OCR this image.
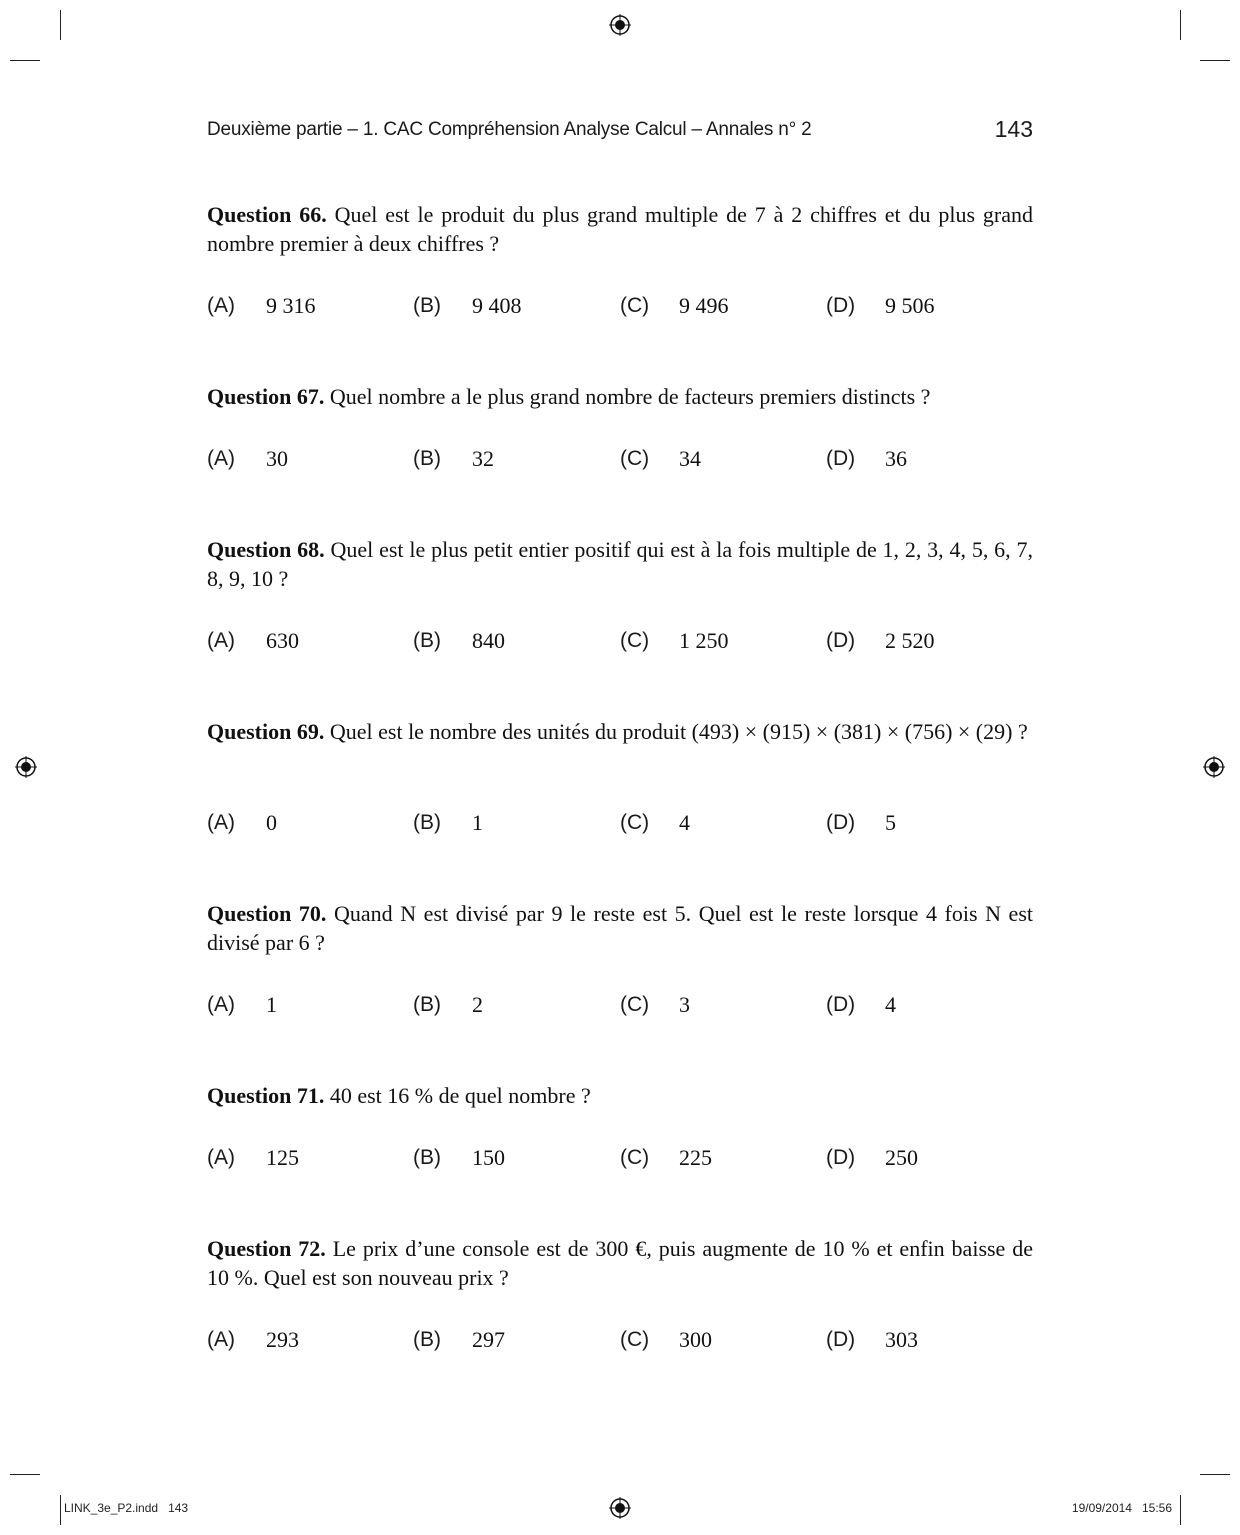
Deuxième partie – 1. CAC Compréhension Analyse Calcul – Annales n° 2	143

Question 66. Quel est le produit du plus grand multiple de 7 à 2 chiffres et du plus grand nombre premier à deux chiffres ?

(A) 9 316	(B) 9 408	(C) 9 496	(D) 9 506

Question 67. Quel nombre a le plus grand nombre de facteurs premiers distincts ?

(A) 30	(B) 32	(C) 34	(D) 36

Question 68. Quel est le plus petit entier positif qui est à la fois multiple de 1, 2, 3, 4, 5, 6, 7, 8, 9, 10 ?

(A) 630	(B) 840	(C) 1 250	(D) 2 520

Question 69. Quel est le nombre des unités du produit (493) × (915) × (381) × (756) × (29) ?

(A) 0	(B) 1	(C) 4	(D) 5

Question 70. Quand N est divisé par 9 le reste est 5. Quel est le reste lorsque 4 fois N est divisé par 6 ?

(A) 1	(B) 2	(C) 3	(D) 4

Question 71. 40 est 16 % de quel nombre ?

(A) 125	(B) 150	(C) 225	(D) 250

Question 72. Le prix d’une console est de 300 €, puis augmente de 10 % et enfin baisse de 10 %. Quel est son nouveau prix ?

(A) 293	(B) 297	(C) 300	(D) 303
LINK_3e_P2.indd   143	19/09/2014   15:56
